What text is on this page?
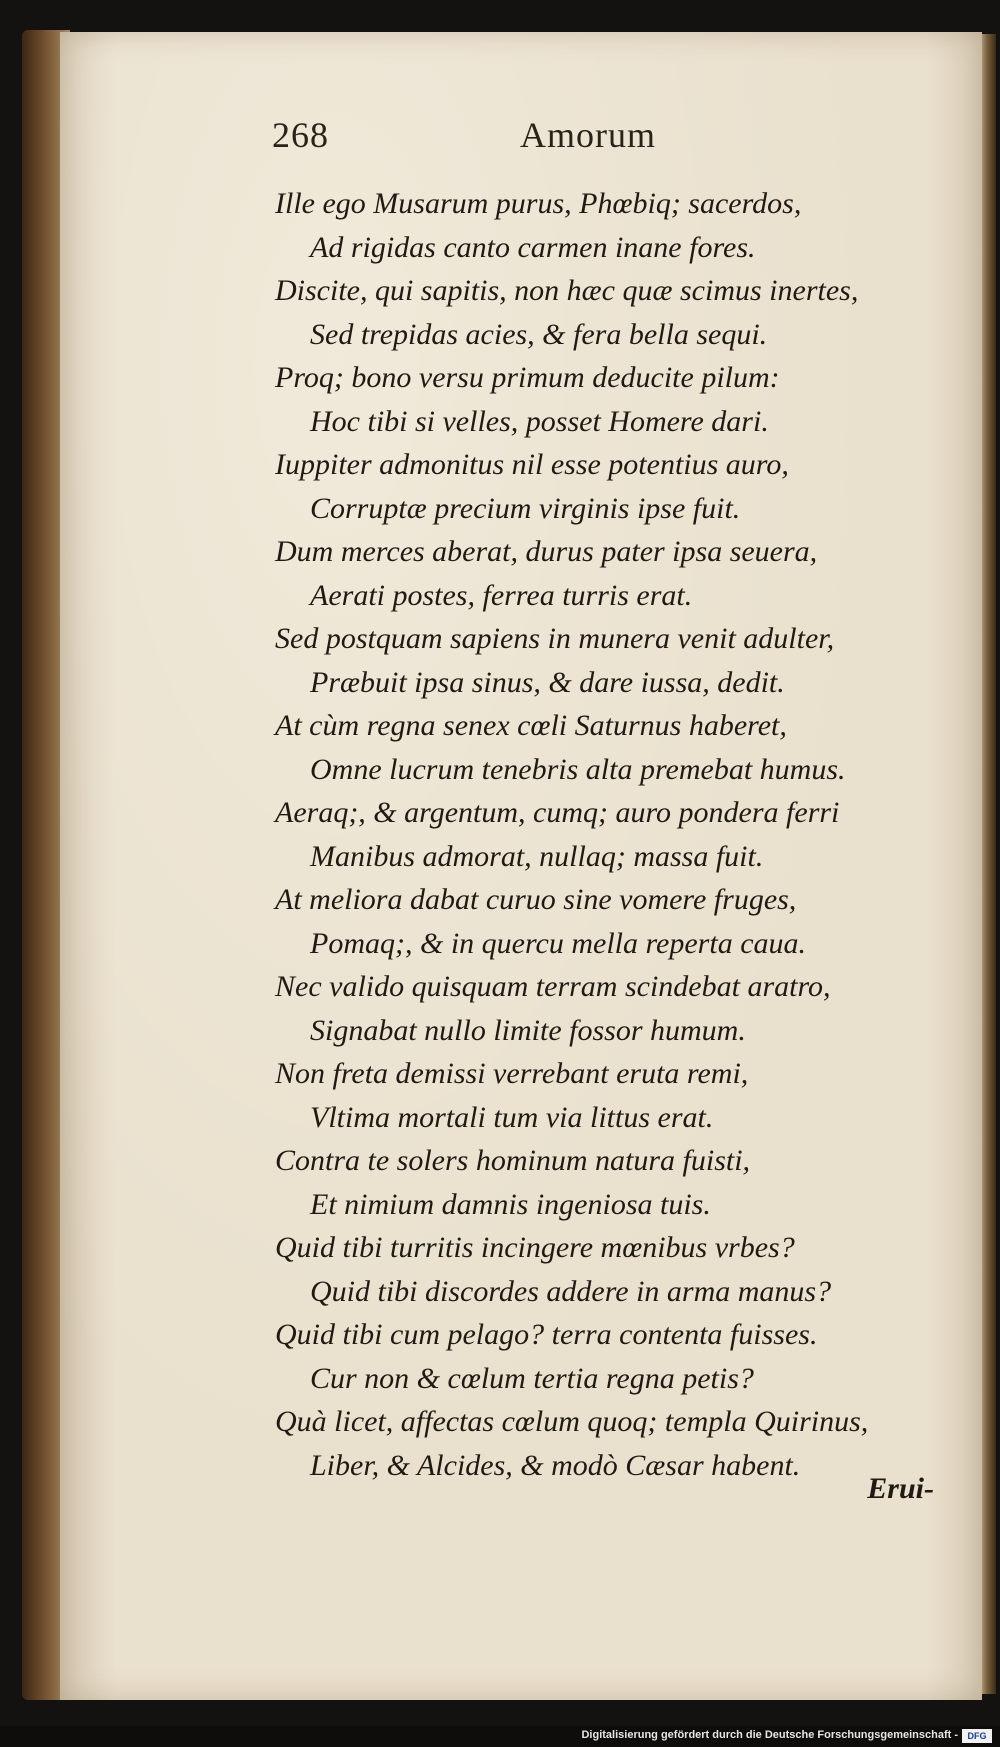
268	Amorum
Ille ego Musarum purus, Phœbiq; sacerdos,
Ad rigidas canto carmen inane fores.
Discite, qui sapitis, non hæc quæ scimus inertes,
Sed trepidas acies, & fera bella sequi.
Proq; bono versu primum deducite pilum:
Hoc tibi si velles, posset Homere dari.
Iuppiter admonitus nil esse potentius auro,
Corruptæ precium virginis ipse fuit.
Dum merces aberat, durus pater ipsa seuera,
Aerati postes, ferrea turris erat.
Sed postquam sapiens in munera venit adulter,
Præbuit ipsa sinus, & dare iussa, dedit.
At cùm regna senex cœli Saturnus haberet,
Omne lucrum tenebris alta premebat humus.
Aeraq;, & argentum, cumq; auro pondera ferri
Manibus admorat, nullaq; massa fuit.
At meliora dabat curuo sine vomere fruges,
Pomaq;, & in quercu mella reperta caua.
Nec valido quisquam terram scindebat aratro,
Signabat nullo limite fossor humum.
Non freta demissi verrebant eruta remi,
Vltima mortali tum via littus erat.
Contra te solers hominum natura fuisti,
Et nimium damnis ingeniosa tuis.
Quid tibi turritis incingere mœnibus vrbes?
Quid tibi discordes addere in arma manus?
Quid tibi cum pelago? terra contenta fuisses.
Cur non & cœlum tertia regna petis?
Quà licet, affectas cœlum quoq; templa Quirinus,
Liber, & Alcides, & modò Cæsar habent.
Erui-
Digitalisierung gefördert durch die Deutsche Forschungsgemeinschaft -	DFG
